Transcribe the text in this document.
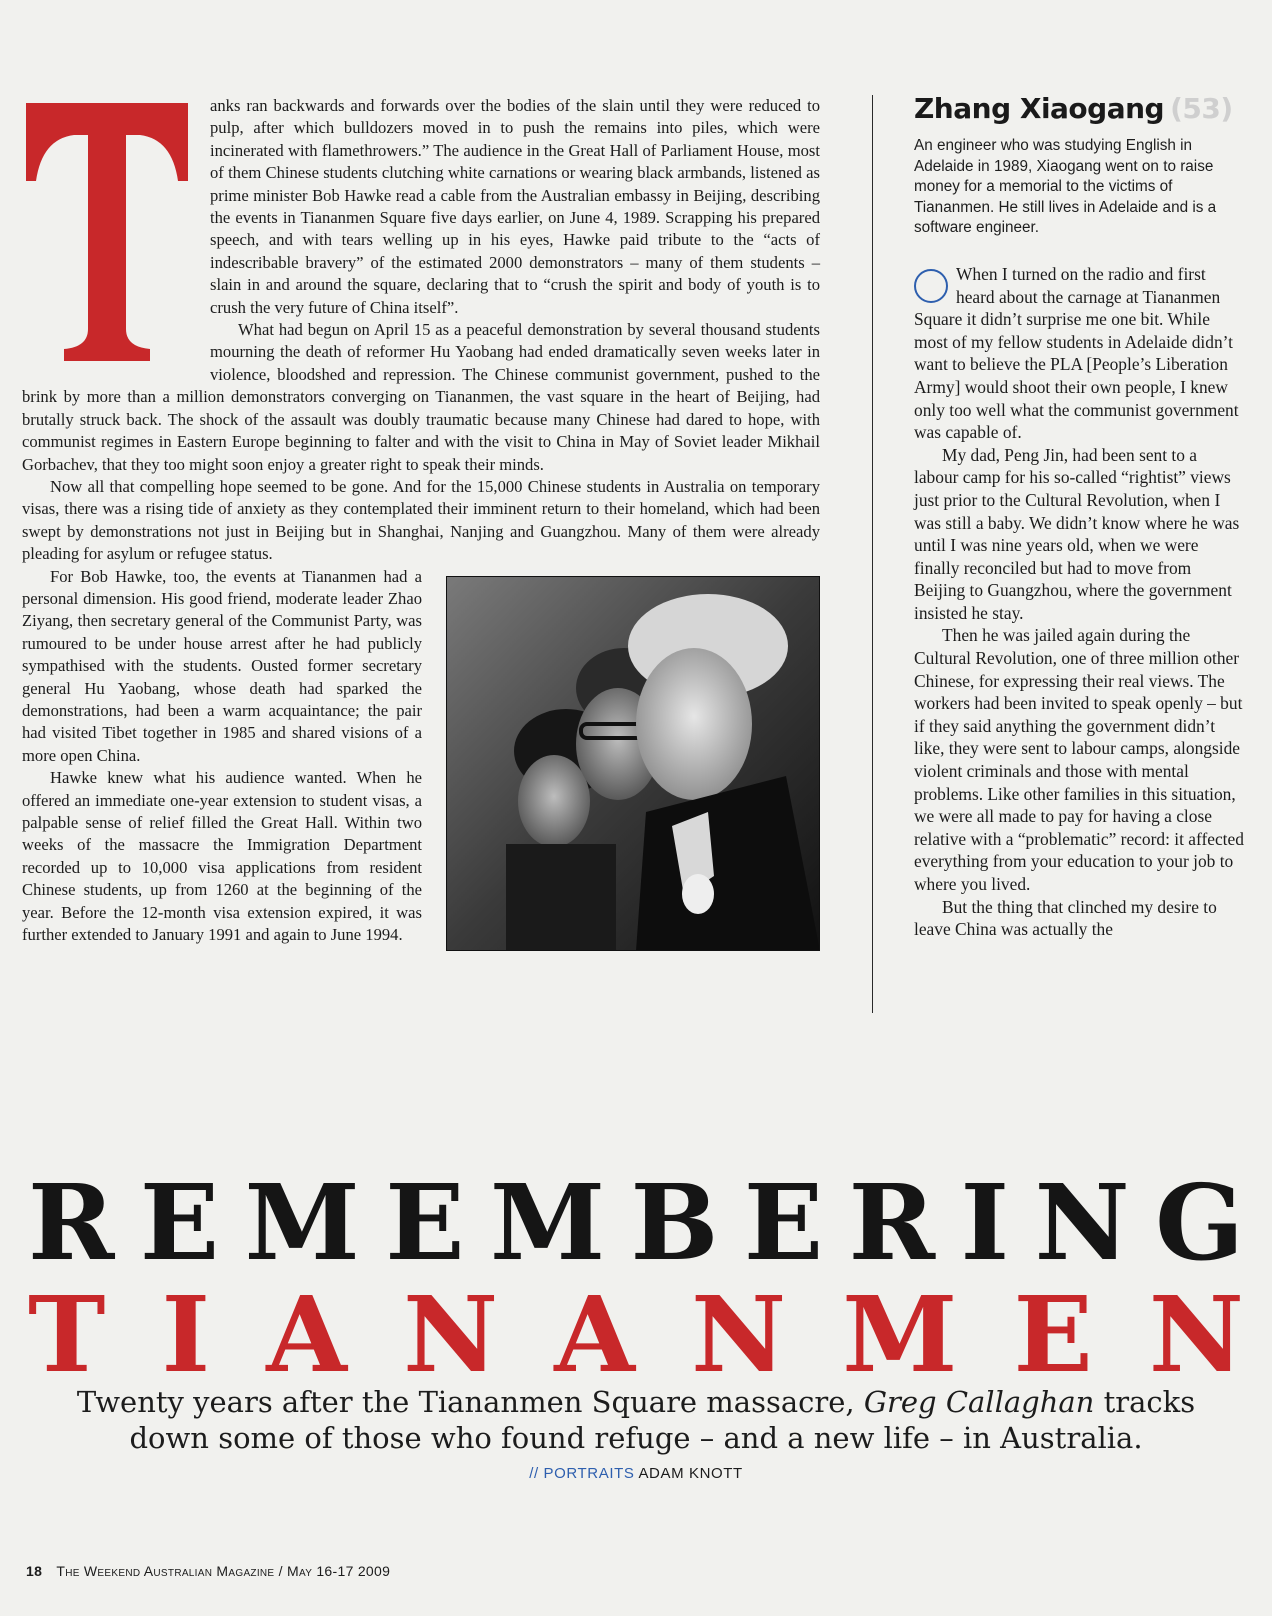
anks ran backwards and forwards over the bodies of the slain until they were reduced to pulp, after which bulldozers moved in to push the remains into piles, which were incinerated with flamethrowers.” The audience in the Great Hall of Parliament House, most of them Chinese students clutching white carnations or wearing black armbands, listened as prime minister Bob Hawke read a cable from the Australian embassy in Beijing, describing the events in Tiananmen Square five days earlier, on June 4, 1989. Scrapping his prepared speech, and with tears welling up in his eyes, Hawke paid tribute to the “acts of indescribable bravery” of the estimated 2000 demonstrators – many of them students – slain in and around the square, declaring that to “crush the spirit and body of youth is to crush the very future of China itself”.

What had begun on April 15 as a peaceful demonstration by several thousand students mourning the death of reformer Hu Yaobang had ended dramatically seven weeks later in violence, bloodshed and repression. The Chinese communist government, pushed to the brink by more than a million demonstrators converging on Tiananmen, the vast square in the heart of Beijing, had brutally struck back. The shock of the assault was doubly traumatic because many Chinese had dared to hope, with communist regimes in Eastern Europe beginning to falter and with the visit to China in May of Soviet leader Mikhail Gorbachev, that they too might soon enjoy a greater right to speak their minds.

Now all that compelling hope seemed to be gone. And for the 15,000 Chinese students in Australia on temporary visas, there was a rising tide of anxiety as they contemplated their imminent return to their homeland, which had been swept by demonstrations not just in Beijing but in Shanghai, Nanjing and Guangzhou. Many of them were already pleading for asylum or refugee status.

For Bob Hawke, too, the events at Tiananmen had a personal dimension. His good friend, moderate leader Zhao Ziyang, then secretary general of the Communist Party, was rumoured to be under house arrest after he had publicly sympathised with the students. Ousted former secretary general Hu Yaobang, whose death had sparked the demonstrations, had been a warm acquaintance; the pair had visited Tibet together in 1985 and shared visions of a more open China.

Hawke knew what his audience wanted. When he offered an immediate one-year extension to student visas, a palpable sense of relief filled the Great Hall. Within two weeks of the massacre the Immigration Department recorded up to 10,000 visa applications from resident Chinese students, up from 1260 at the beginning of the year. Before the 12-month visa extension expired, it was further extended to January 1991 and again to June 1994.

Zhang Xiaogang (53)

An engineer who was studying English in Adelaide in 1989, Xiaogang went on to raise money for a memorial to the victims of Tiananmen. He still lives in Adelaide and is a software engineer.

When I turned on the radio and first heard about the carnage at Tiananmen Square it didn’t surprise me one bit. While most of my fellow students in Adelaide didn’t want to believe the PLA [People’s Liberation Army] would shoot their own people, I knew only too well what the communist government was capable of.

My dad, Peng Jin, had been sent to a labour camp for his so-called “rightist” views just prior to the Cultural Revolution, when I was still a baby. We didn’t know where he was until I was nine years old, when we were finally reconciled but had to move from Beijing to Guangzhou, where the government insisted he stay.

Then he was jailed again during the Cultural Revolution, one of three million other Chinese, for expressing their real views. The workers had been invited to speak openly – but if they said anything the government didn’t like, they were sent to labour camps, alongside violent criminals and those with mental problems. Like other families in this situation, we were all made to pay for having a close relative with a “problematic” record: it affected everything from your education to your job to where you lived.

But the thing that clinched my desire to leave China was actually the

R E M E M B E R I N G
T I A N A N M E N

Twenty years after the Tiananmen Square massacre, Greg Callaghan tracks down some of those who found refuge – and a new life – in Australia.

// PORTRAITS ADAM KNOTT
18 The Weekend Australian Magazine / May 16-17 2009
